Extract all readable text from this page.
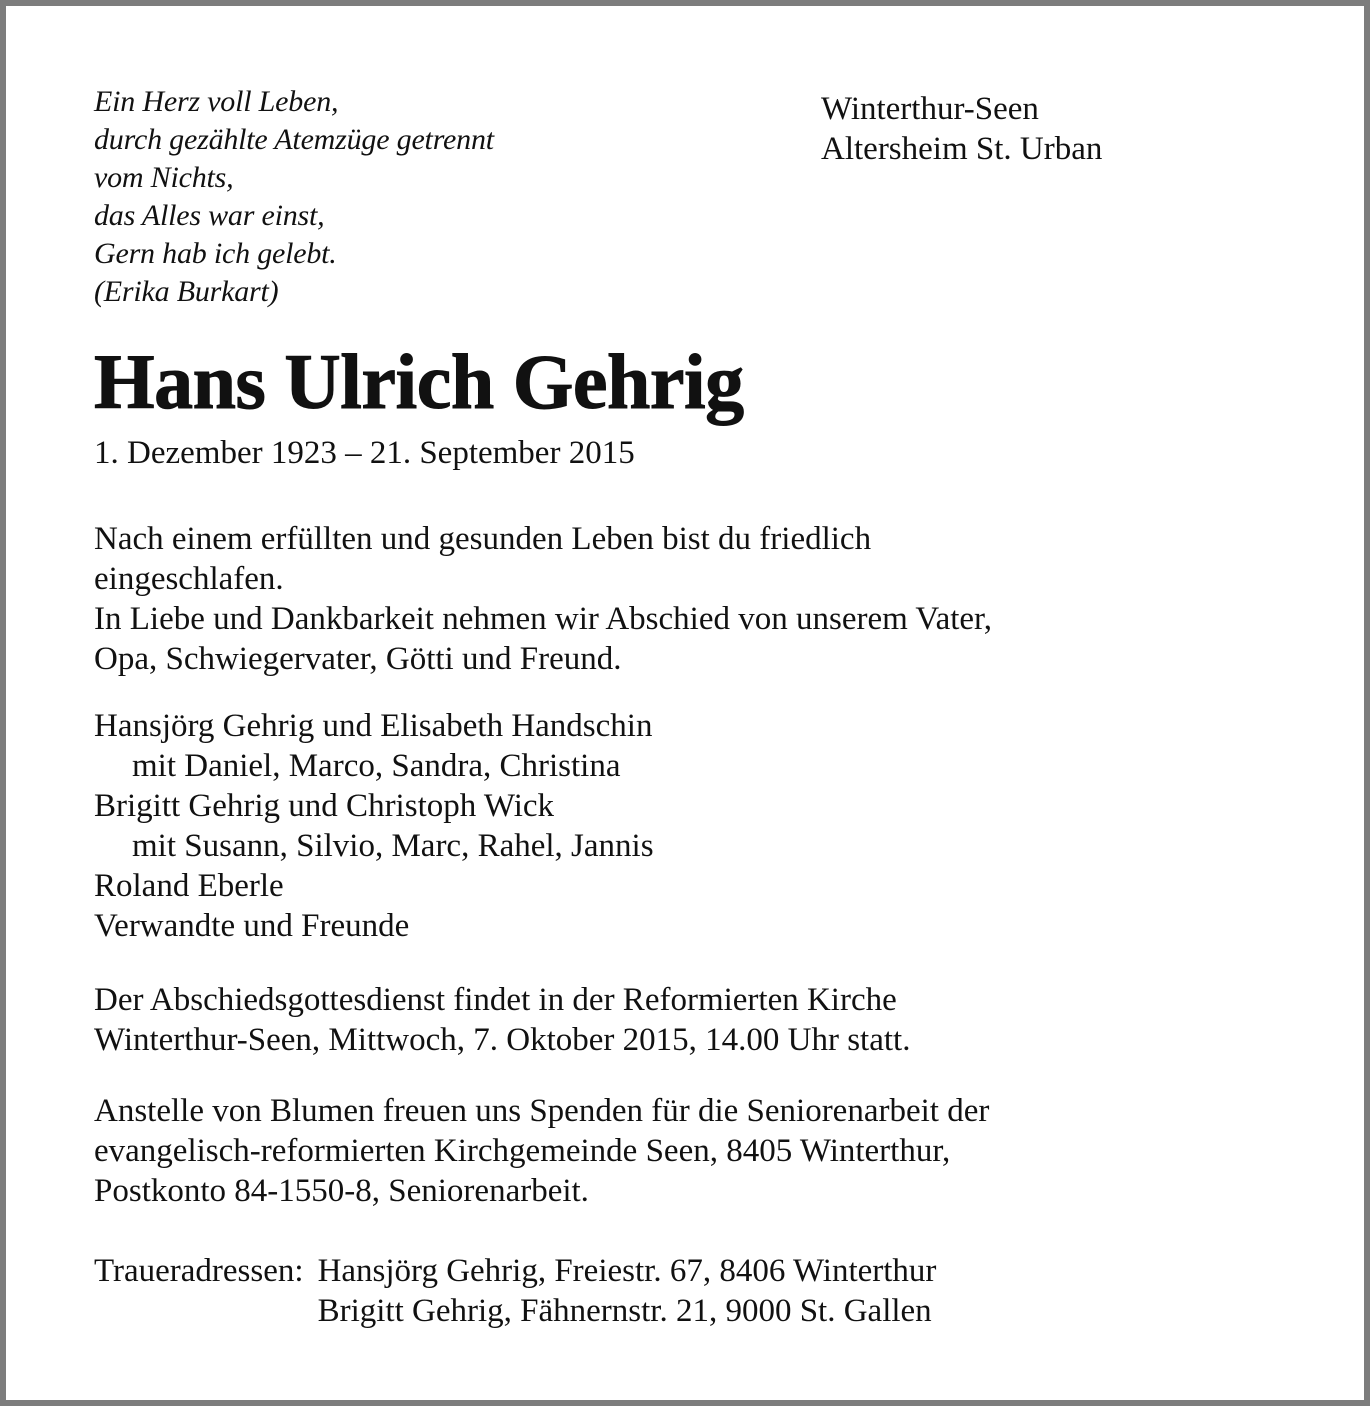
Ein Herz voll Leben,
durch gezählte Atemzüge getrennt
vom Nichts,
das Alles war einst,
Gern hab ich gelebt.
(Erika Burkart)
Winterthur-Seen
Altersheim St. Urban
Hans Ulrich Gehrig
1. Dezember 1923 – 21. September 2015
Nach einem erfüllten und gesunden Leben bist du friedlich
eingeschlafen.
In Liebe und Dankbarkeit nehmen wir Abschied von unserem Vater,
Opa, Schwiegervater, Götti und Freund.
Hansjörg Gehrig und Elisabeth Handschin
mit Daniel, Marco, Sandra, Christina
Brigitt Gehrig und Christoph Wick
mit Susann, Silvio, Marc, Rahel, Jannis
Roland Eberle
Verwandte und Freunde
Der Abschiedsgottesdienst findet in der Reformierten Kirche
Winterthur-Seen, Mittwoch, 7. Oktober 2015, 14.00 Uhr statt.
Anstelle von Blumen freuen uns Spenden für die Seniorenarbeit der
evangelisch-reformierten Kirchgemeinde Seen, 8405 Winterthur,
Postkonto 84-1550-8, Seniorenarbeit.
Traueradressen: Hansjörg Gehrig, Freiestr. 67, 8406 Winterthur
Brigitt Gehrig, Fähnernstr. 21, 9000 St. Gallen
